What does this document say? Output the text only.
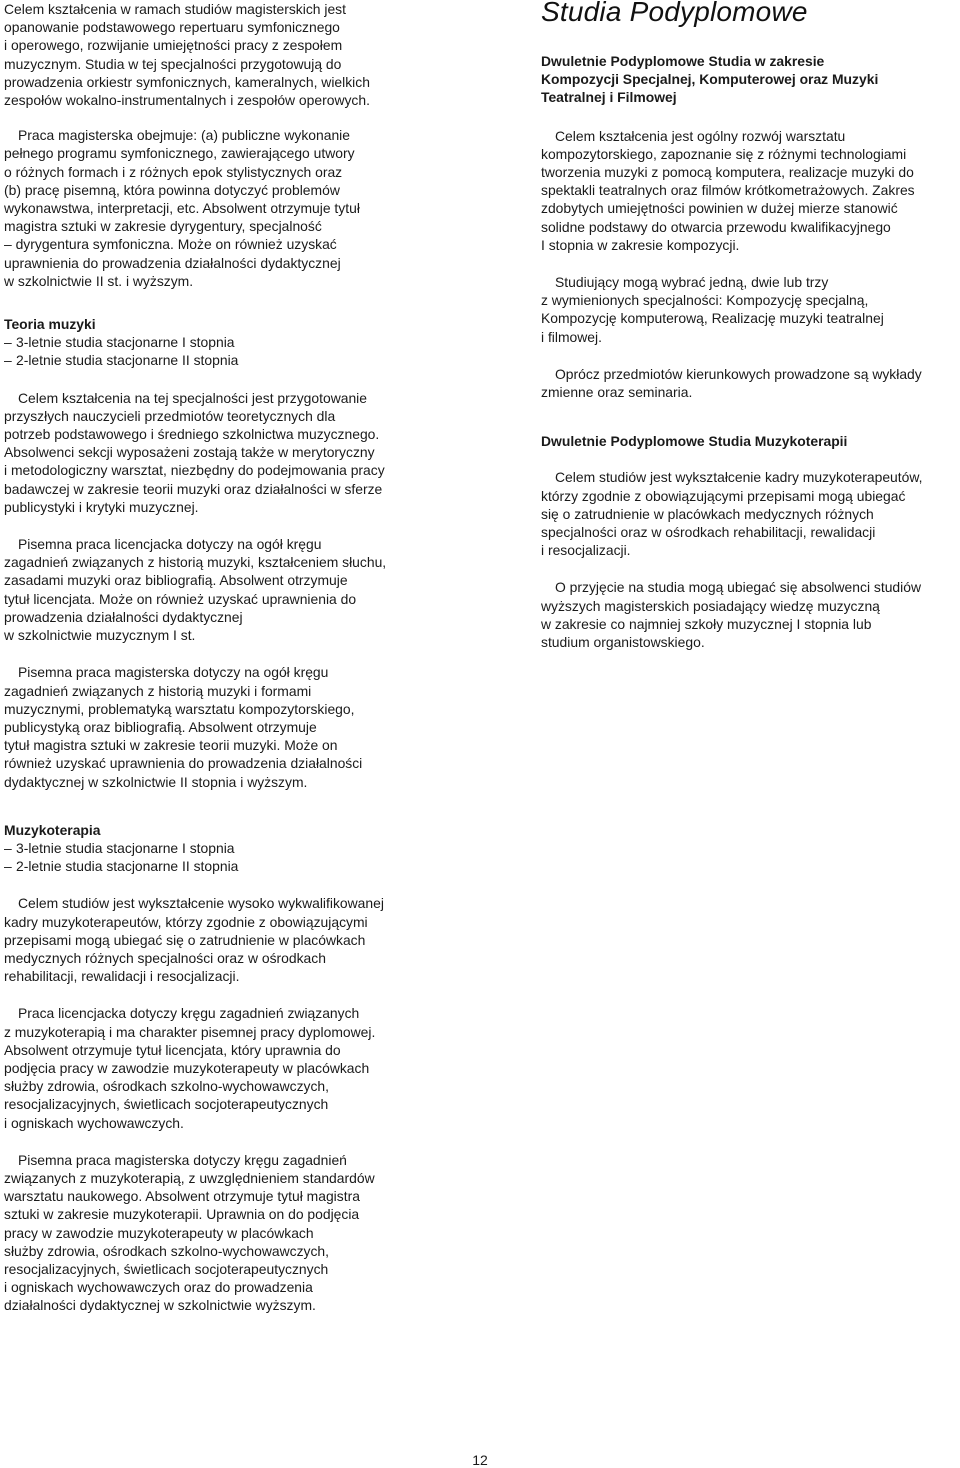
Celem kształcenia w ramach studiów magisterskich jest
opanowanie podstawowego repertuaru symfonicznego
i operowego, rozwijanie umiejętności pracy z zespołem
muzycznym. Studia w tej specjalności przygotowują do
prowadzenia orkiestr symfonicznych, kameralnych, wielkich
zespołów wokalno-instrumentalnych i zespołów operowych.

Praca magisterska obejmuje: (a) publiczne wykonanie
pełnego programu symfonicznego, zawierającego utwory
o różnych formach i z różnych epok stylistycznych oraz
(b) pracę pisemną, która powinna dotyczyć problemów
wykonawstwa, interpretacji, etc. Absolwent otrzymuje tytuł
magistra sztuki w zakresie dyrygentury, specjalność
– dyrygentura symfoniczna. Może on również uzyskać
uprawnienia do prowadzenia działalności dydaktycznej
w szkolnictwie II st. i wyższym.

Teoria muzyki
– 3-letnie studia stacjonarne I stopnia
– 2-letnie studia stacjonarne II stopnia

Celem kształcenia na tej specjalności jest przygotowanie
przyszłych nauczycieli przedmiotów teoretycznych dla
potrzeb podstawowego i średniego szkolnictwa muzycznego.
Absolwenci sekcji wyposażeni zostają także w merytoryczny
i metodologiczny warsztat, niezbędny do podejmowania pracy
badawczej w zakresie teorii muzyki oraz działalności w sferze
publicystyki i krytyki muzycznej.

Pisemna praca licencjacka dotyczy na ogół kręgu
zagadnień związanych z historią muzyki, kształceniem słuchu,
zasadami muzyki oraz bibliografią. Absolwent otrzymuje
tytuł licencjata. Może on również uzyskać uprawnienia do
prowadzenia działalności dydaktycznej
w szkolnictwie muzycznym I st.

Pisemna praca magisterska dotyczy na ogół kręgu
zagadnień związanych z historią muzyki i formami
muzycznymi, problematyką warsztatu kompozytorskiego,
publicystyką oraz bibliografią. Absolwent otrzymuje
tytuł magistra sztuki w zakresie teorii muzyki. Może on
również uzyskać uprawnienia do prowadzenia działalności
dydaktycznej w szkolnictwie II stopnia i wyższym.

Muzykoterapia
– 3-letnie studia stacjonarne I stopnia
– 2-letnie studia stacjonarne II stopnia

Celem studiów jest wykształcenie wysoko wykwalifikowanej
kadry muzykoterapeutów, którzy zgodnie z obowiązującymi
przepisami mogą ubiegać się o zatrudnienie w placówkach
medycznych różnych specjalności oraz w ośrodkach
rehabilitacji, rewalidacji i resocjalizacji.

Praca licencjacka dotyczy kręgu zagadnień związanych
z muzykoterapią i ma charakter pisemnej pracy dyplomowej.
Absolwent otrzymuje tytuł licencjata, który uprawnia do
podjęcia pracy w zawodzie muzykoterapeuty w placówkach
służby zdrowia, ośrodkach szkolno-wychowawczych,
resocjalizacyjnych, świetlicach socjoterapeutycznych
i ogniskach wychowawczych.

Pisemna praca magisterska dotyczy kręgu zagadnień
związanych z muzykoterapią, z uwzględnieniem standardów
warsztatu naukowego. Absolwent otrzymuje tytuł magistra
sztuki w zakresie muzykoterapii. Uprawnia on do podjęcia
pracy w zawodzie muzykoterapeuty w placówkach
służby zdrowia, ośrodkach szkolno-wychowawczych,
resocjalizacyjnych, świetlicach socjoterapeutycznych
i ogniskach wychowawczych oraz do prowadzenia
działalności dydaktycznej w szkolnictwie wyższym.

Studia Podyplomowe
Dwuletnie Podyplomowe Studia w zakresie
Kompozycji Specjalnej, Komputerowej oraz Muzyki
Teatralnej i Filmowej

Celem kształcenia jest ogólny rozwój warsztatu
kompozytorskiego, zapoznanie się z różnymi technologiami
tworzenia muzyki z pomocą komputera, realizacje muzyki do
spektakli teatralnych oraz filmów krótkometrażowych. Zakres
zdobytych umiejętności powinien w dużej mierze stanowić
solidne podstawy do otwarcia przewodu kwalifikacyjnego
I stopnia w zakresie kompozycji.

Studiujący mogą wybrać jedną, dwie lub trzy
z wymienionych specjalności: Kompozycję specjalną,
Kompozycję komputerową, Realizację muzyki teatralnej
i filmowej.

Oprócz przedmiotów kierunkowych prowadzone są wykłady
zmienne oraz seminaria.

Dwuletnie Podyplomowe Studia Muzykoterapii

Celem studiów jest wykształcenie kadry muzykoterapeutów,
którzy zgodnie z obowiązującymi przepisami mogą ubiegać
się o zatrudnienie w placówkach medycznych różnych
specjalności oraz w ośrodkach rehabilitacji, rewalidacji
i resocjalizacji.

O przyjęcie na studia mogą ubiegać się absolwenci studiów
wyższych magisterskich posiadający wiedzę muzyczną
w zakresie co najmniej szkoły muzycznej I stopnia lub
studium organistowskiego.

12
